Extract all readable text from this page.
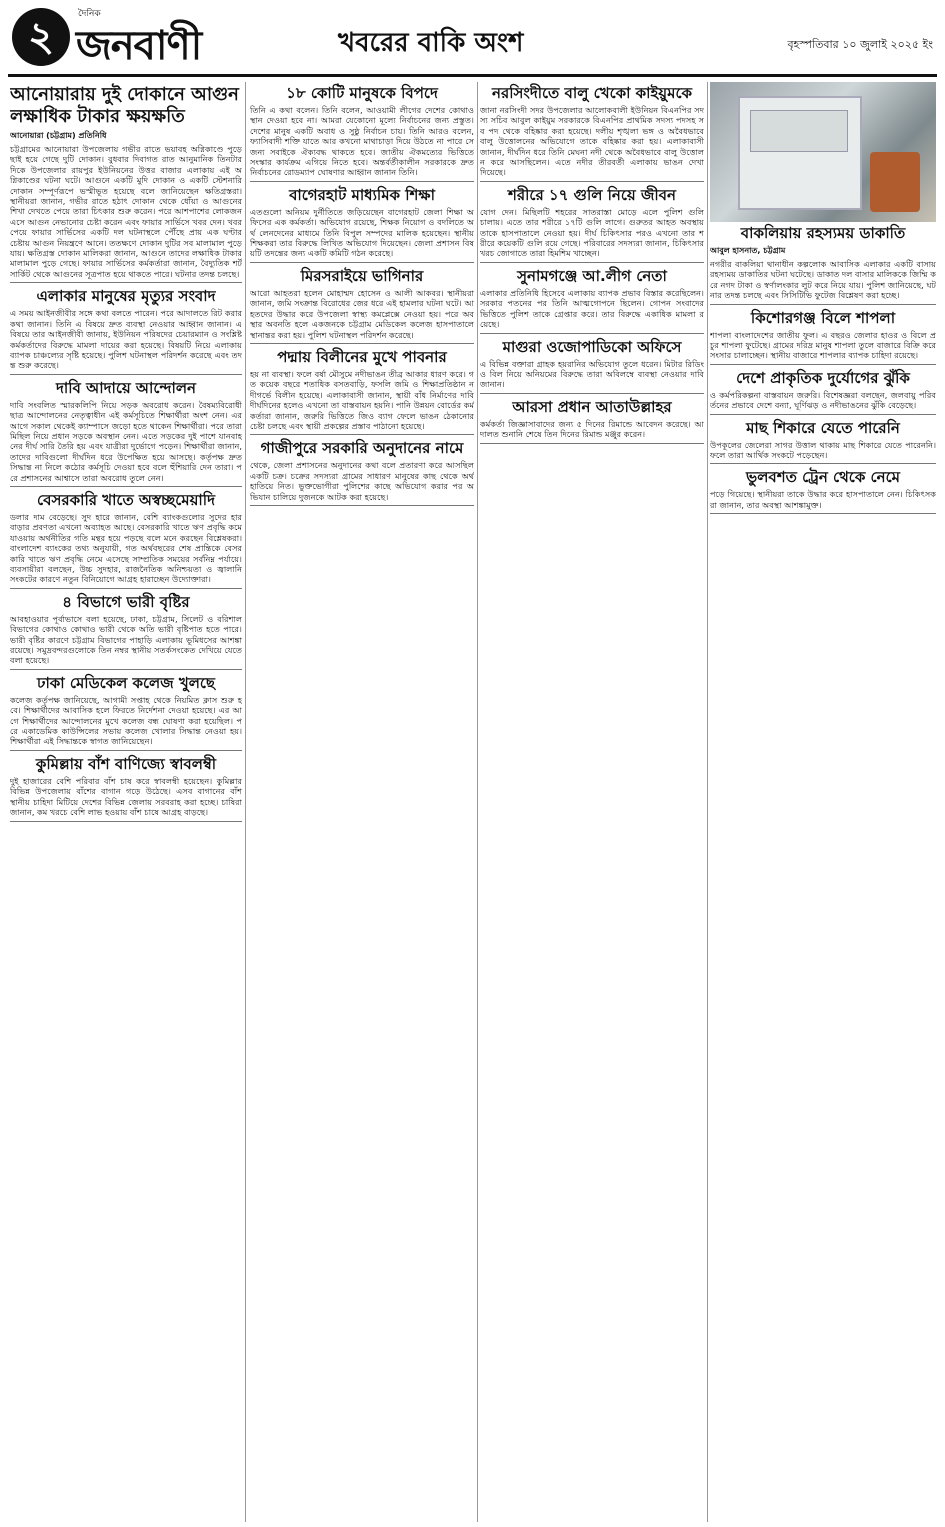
২	দৈনিক
জনবাণী	খবরের বাকি অংশ	বৃহস্পতিবার ১০ জুলাই ২০২৫ ইং
আনোয়ারায় দুই দোকানে আগুন লক্ষাধিক টাকার ক্ষয়ক্ষতি
আনোয়ারা (চট্টগ্রাম) প্রতিনিধি

চট্টগ্রামের আনোয়ারা উপজেলায় গভীর রাতে ভয়াবহ অগ্নিকাণ্ডে পুড়ে ছাই হয়ে গেছে দুটি দোকান। বুধবার দিবাগত রাত আনুমানিক তিনটার দিকে উপজেলার রায়পুর ইউনিয়নের উত্তর বাজার এলাকায় এই অগ্নিকাণ্ডের ঘটনা ঘটে। আগুনে একটি মুদি দোকান ও একটি স্টেশনারি দোকান সম্পূর্ণরূপে ভস্মীভূত হয়েছে বলে জানিয়েছেন ক্ষতিগ্রস্তরা। স্থানীয়রা জানান, গভীর রাতে হঠাৎ দোকান থেকে ধোঁয়া ও আগুনের শিখা দেখতে পেয়ে তারা চিৎকার শুরু করেন। পরে আশপাশের লোকজন এসে আগুন নেভানোর চেষ্টা করেন এবং ফায়ার সার্ভিসে খবর দেন। খবর পেয়ে ফায়ার সার্ভিসের একটি দল ঘটনাস্থলে পৌঁছে প্রায় এক ঘণ্টার চেষ্টায় আগুন নিয়ন্ত্রণে আনে। ততক্ষণে দোকান দুটির সব মালামাল পুড়ে যায়। ক্ষতিগ্রস্ত দোকান মালিকরা জানান, আগুনে তাদের লক্ষাধিক টাকার মালামাল পুড়ে গেছে। ফায়ার সার্ভিসের কর্মকর্তারা জানান, বৈদ্যুতিক শর্টসার্কিট থেকে আগুনের সূত্রপাত হয়ে থাকতে পারে। ঘটনার তদন্ত চলছে।

এলাকার মানুষের মৃত্যুর সংবাদ

এ সময় আইনজীবীর সঙ্গে কথা বলতে পারেন। পরে আদালতে রিট করার কথা জানান। তিনি এ বিষয়ে দ্রুত ব্যবস্থা নেওয়ার আহ্বান জানান। এ বিষয়ে তার আইনজীবী জানায়, ইউনিয়ন পরিষদের চেয়ারম্যান ও সংশ্লিষ্ট কর্মকর্তাদের বিরুদ্ধে মামলা দায়ের করা হয়েছে। বিষয়টি নিয়ে এলাকায় ব্যাপক চাঞ্চল্যের সৃষ্টি হয়েছে। পুলিশ ঘটনাস্থল পরিদর্শন করেছে এবং তদন্ত শুরু করেছে।

দাবি আদায়ে আন্দোলন

দাবি সংবলিত স্মারকলিপি নিয়ে সড়ক অবরোধ করেন। বৈষম্যবিরোধী ছাত্র আন্দোলনের নেতৃত্বাধীন এই কর্মসূচিতে শিক্ষার্থীরা অংশ নেন। এর আগে সকাল থেকেই ক্যাম্পাসে জড়ো হতে থাকেন শিক্ষার্থীরা। পরে তারা মিছিল নিয়ে প্রধান সড়কে অবস্থান নেন। এতে সড়কের দুই পাশে যানবাহনের দীর্ঘ সারি তৈরি হয় এবং যাত্রীরা দুর্ভোগে পড়েন। শিক্ষার্থীরা জানান, তাদের দাবিগুলো দীর্ঘদিন ধরে উপেক্ষিত হয়ে আসছে। কর্তৃপক্ষ দ্রুত সিদ্ধান্ত না নিলে কঠোর কর্মসূচি দেওয়া হবে বলে হুঁশিয়ারি দেন তারা। পরে প্রশাসনের আশ্বাসে তারা অবরোধ তুলে নেন।

বেসরকারি খাতে অস্বচ্ছমেয়াদি

ডলার দাম বেড়েছে। সুদ হারে জানান, বেশি ব্যাংকগুলোর সুদের হার বাড়ার প্রবণতা এখনো অব্যাহত আছে। বেসরকারি খাতে ঋণ প্রবৃদ্ধি কমে যাওয়ায় অর্থনীতির গতি মন্থর হয়ে পড়ছে বলে মনে করছেন বিশ্লেষকরা। বাংলাদেশ ব্যাংকের তথ্য অনুযায়ী, গত অর্থবছরের শেষ প্রান্তিকে বেসরকারি খাতে ঋণ প্রবৃদ্ধি নেমে এসেছে সাম্প্রতিক সময়ের সর্বনিম্ন পর্যায়ে। ব্যবসায়ীরা বলছেন, উচ্চ সুদহার, রাজনৈতিক অনিশ্চয়তা ও জ্বালানি সংকটের কারণে নতুন বিনিয়োগে আগ্রহ হারাচ্ছেন উদ্যোক্তারা।

৪ বিভাগে ভারী বৃষ্টির

আবহাওয়ার পূর্বাভাসে বলা হয়েছে, ঢাকা, চট্টগ্রাম, সিলেট ও বরিশাল বিভাগের কোথাও কোথাও ভারী থেকে অতি ভারী বৃষ্টিপাত হতে পারে। ভারী বৃষ্টির কারণে চট্টগ্রাম বিভাগের পাহাড়ি এলাকায় ভূমিধসের আশঙ্কা রয়েছে। সমুদ্রবন্দরগুলোকে তিন নম্বর স্থানীয় সতর্কসংকেত দেখিয়ে যেতে বলা হয়েছে।

ঢাকা মেডিকেল কলেজ খুলছে

কলেজ কর্তৃপক্ষ জানিয়েছে, আগামী সপ্তাহ থেকে নিয়মিত ক্লাস শুরু হবে। শিক্ষার্থীদের আবাসিক হলে ফিরতে নির্দেশনা দেওয়া হয়েছে। এর আগে শিক্ষার্থীদের আন্দোলনের মুখে কলেজ বন্ধ ঘোষণা করা হয়েছিল। পরে একাডেমিক কাউন্সিলের সভায় কলেজ খোলার সিদ্ধান্ত নেওয়া হয়। শিক্ষার্থীরা এই সিদ্ধান্তকে স্বাগত জানিয়েছেন।

কুমিল্লায় বাঁশ বাণিজ্যে স্বাবলম্বী

দুই হাজারের বেশি পরিবার বাঁশ চাষ করে স্বাবলম্বী হয়েছেন। কুমিল্লার বিভিন্ন উপজেলায় বাঁশের বাগান গড়ে উঠেছে। এসব বাগানের বাঁশ স্থানীয় চাহিদা মিটিয়ে দেশের বিভিন্ন জেলায় সরবরাহ করা হচ্ছে। চাষিরা জানান, কম খরচে বেশি লাভ হওয়ায় বাঁশ চাষে আগ্রহ বাড়ছে।

১৮ কোটি মানুষকে বিপদে

তিনি এ কথা বলেন। তিনি বলেন, আওয়ামী লীগের দেশের কোথাও স্থান দেওয়া হবে না। আমরা যেকোনো মূল্যে নির্বাচনের জন্য প্রস্তুত। দেশের মানুষ একটি অবাধ ও সুষ্ঠু নির্বাচন চায়। তিনি আরও বলেন, ফ্যাসিবাদী শক্তি যাতে আর কখনো মাথাচাড়া দিয়ে উঠতে না পারে সে জন্য সবাইকে ঐক্যবদ্ধ থাকতে হবে। জাতীয় ঐকমত্যের ভিত্তিতে সংস্কার কার্যক্রম এগিয়ে নিতে হবে। অন্তর্বর্তীকালীন সরকারকে দ্রুত নির্বাচনের রোডম্যাপ ঘোষণার আহ্বান জানান তিনি।

বাগেরহাট মাধ্যমিক শিক্ষা

এতগুলো অনিয়ম দুর্নীতিতে জড়িয়েছেন বাগেরহাট জেলা শিক্ষা অফিসের এক কর্মকর্তা। অভিযোগ রয়েছে, শিক্ষক নিয়োগ ও বদলিতে অর্থ লেনদেনের মাধ্যমে তিনি বিপুল সম্পদের মালিক হয়েছেন। স্থানীয় শিক্ষকরা তার বিরুদ্ধে লিখিত অভিযোগ দিয়েছেন। জেলা প্রশাসন বিষয়টি তদন্তের জন্য একটি কমিটি গঠন করেছে।

মিরসরাইয়ে ভাগিনার

আরো আহতরা হলেন মোহাম্মদ হোসেন ও আলী আকবর। স্থানীয়রা জানান, জমি সংক্রান্ত বিরোধের জের ধরে এই হামলার ঘটনা ঘটে। আহতদের উদ্ধার করে উপজেলা স্বাস্থ্য কমপ্লেক্সে নেওয়া হয়। পরে অবস্থার অবনতি হলে একজনকে চট্টগ্রাম মেডিকেল কলেজ হাসপাতালে স্থানান্তর করা হয়। পুলিশ ঘটনাস্থল পরিদর্শন করেছে।

পদ্মায় বিলীনের মুখে পাবনার

হয় না ব্যবস্থা। ফলে বর্ষা মৌসুমে নদীভাঙন তীব্র আকার ধারণ করে। গত কয়েক বছরে শতাধিক বসতবাড়ি, ফসলি জমি ও শিক্ষাপ্রতিষ্ঠান নদীগর্ভে বিলীন হয়েছে। এলাকাবাসী জানান, স্থায়ী বাঁধ নির্মাণের দাবি দীর্ঘদিনের হলেও এখনো তা বাস্তবায়ন হয়নি। পানি উন্নয়ন বোর্ডের কর্মকর্তারা জানান, জরুরি ভিত্তিতে জিও ব্যাগ ফেলে ভাঙন ঠেকানোর চেষ্টা চলছে এবং স্থায়ী প্রকল্পের প্রস্তাব পাঠানো হয়েছে।

গাজীপুরে সরকারি অনুদানের নামে

থেকে, জেলা প্রশাসনের অনুদানের কথা বলে প্রতারণা করে আসছিল একটি চক্র। চক্রের সদস্যরা গ্রামের সাধারণ মানুষের কাছ থেকে অর্থ হাতিয়ে নিত। ভুক্তভোগীরা পুলিশের কাছে অভিযোগ করার পর অভিযান চালিয়ে দুজনকে আটক করা হয়েছে।

নরসিংদীতে বালু খেকো কাইয়ুমকে

জানা নরসিংদী সদর উপজেলার আলোকবালী ইউনিয়ন বিএনপির সদস্য সচিব আবুল কাইয়ুম সরকারকে বিএনপির প্রাথমিক সদস্য পদসহ সব পদ থেকে বহিষ্কার করা হয়েছে। দলীয় শৃঙ্খলা ভঙ্গ ও অবৈধভাবে বালু উত্তোলনের অভিযোগে তাকে বহিষ্কার করা হয়। এলাকাবাসী জানান, দীর্ঘদিন ধরে তিনি মেঘনা নদী থেকে অবৈধভাবে বালু উত্তোলন করে আসছিলেন। এতে নদীর তীরবর্তী এলাকায় ভাঙন দেখা দিয়েছে।

শরীরে ১৭ গুলি নিয়ে জীবন

যোগ দেন। মিছিলটি শহরের সাতরাস্তা মোড়ে এলে পুলিশ গুলি চালায়। এতে তার শরীরে ১৭টি গুলি লাগে। গুরুতর আহত অবস্থায় তাকে হাসপাতালে নেওয়া হয়। দীর্ঘ চিকিৎসার পরও এখনো তার শরীরে কয়েকটি গুলি রয়ে গেছে। পরিবারের সদস্যরা জানান, চিকিৎসার খরচ জোগাতে তারা হিমশিম খাচ্ছেন।

সুনামগঞ্জে আ.লীগ নেতা

এলাকার প্রতিনিধি হিসেবে এলাকায় ব্যাপক প্রভাব বিস্তার করেছিলেন। সরকার পতনের পর তিনি আত্মগোপনে ছিলেন। গোপন সংবাদের ভিত্তিতে পুলিশ তাকে গ্রেপ্তার করে। তার বিরুদ্ধে একাধিক মামলা রয়েছে।

মাগুরা ওজোপাডিকো অফিসে

এ বিভিন্ন বক্তারা গ্রাহক হয়রানির অভিযোগ তুলে ধরেন। মিটার রিডিং ও বিল নিয়ে অনিয়মের বিরুদ্ধে তারা অবিলম্বে ব্যবস্থা নেওয়ার দাবি জানান।

আরসা প্রধান আতাউল্লাহর

কর্মকর্তা জিজ্ঞাসাবাদের জন্য ৫ দিনের রিমান্ডে আবেদন করেছে। আদালত শুনানি শেষে তিন দিনের রিমান্ড মঞ্জুর করেন।

বাকলিয়ায় রহস্যময় ডাকাতি
আবুল হাসনাত, চট্টগ্রাম

নগরীর বাকলিয়া থানাধীন কল্পলোক আবাসিক এলাকার একটি বাসায় রহস্যময় ডাকাতির ঘটনা ঘটেছে। ডাকাত দল বাসার মালিককে জিম্মি করে নগদ টাকা ও স্বর্ণালংকার লুট করে নিয়ে যায়। পুলিশ জানিয়েছে, ঘটনার তদন্ত চলছে এবং সিসিটিভি ফুটেজ বিশ্লেষণ করা হচ্ছে।

কিশোরগঞ্জ বিলে শাপলা

শাপলা বাংলাদেশের জাতীয় ফুল। এ বছরও জেলার হাওর ও বিলে প্রচুর শাপলা ফুটেছে। গ্রামের দরিদ্র মানুষ শাপলা তুলে বাজারে বিক্রি করে সংসার চালাচ্ছেন। স্থানীয় বাজারে শাপলার ব্যাপক চাহিদা রয়েছে।

দেশে প্রাকৃতিক দুর্যোগের ঝুঁকি

ও কর্মপরিকল্পনা বাস্তবায়ন জরুরি। বিশেষজ্ঞরা বলছেন, জলবায়ু পরিবর্তনের প্রভাবে দেশে বন্যা, ঘূর্ণিঝড় ও নদীভাঙনের ঝুঁকি বেড়েছে।

মাছ শিকারে যেতে পারেনি

উপকূলের জেলেরা সাগর উত্তাল থাকায় মাছ শিকারে যেতে পারেননি। ফলে তারা আর্থিক সংকটে পড়েছেন।

ভুলবশত ট্রেন থেকে নেমে

পড়ে গিয়েছে। স্থানীয়রা তাকে উদ্ধার করে হাসপাতালে নেন। চিকিৎসকরা জানান, তার অবস্থা আশঙ্কামুক্ত।
